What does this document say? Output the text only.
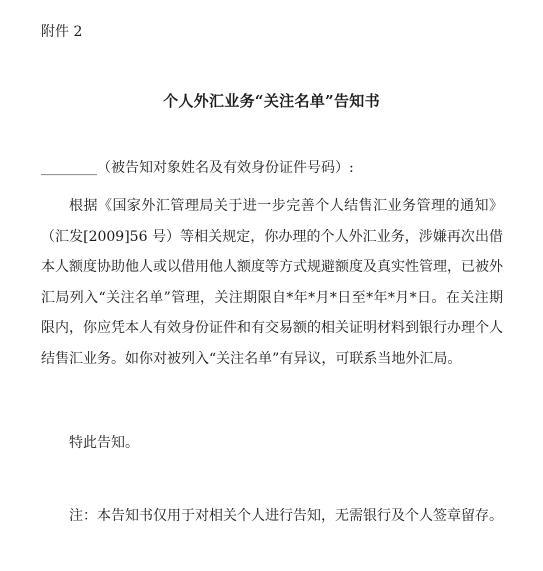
附件 2
个人外汇业务“关注名单”告知书
________（被告知对象姓名及有效身份证件号码）:

根据《国家外汇管理局关于进一步完善个人结售汇业务管理的通知》（汇发[2009]56 号）等相关规定，你办理的个人外汇业务，涉嫌再次出借本人额度协助他人或以借用他人额度等方式规避额度及真实性管理，已被外汇局列入“关注名单”管理，关注期限自*年*月*日至*年*月*日。在关注期限内，你应凭本人有效身份证件和有交易额的相关证明材料到银行办理个人结售汇业务。如你对被列入“关注名单”有异议，可联系当地外汇局。

特此告知。

注：本告知书仅用于对相关个人进行告知，无需银行及个人签章留存。
